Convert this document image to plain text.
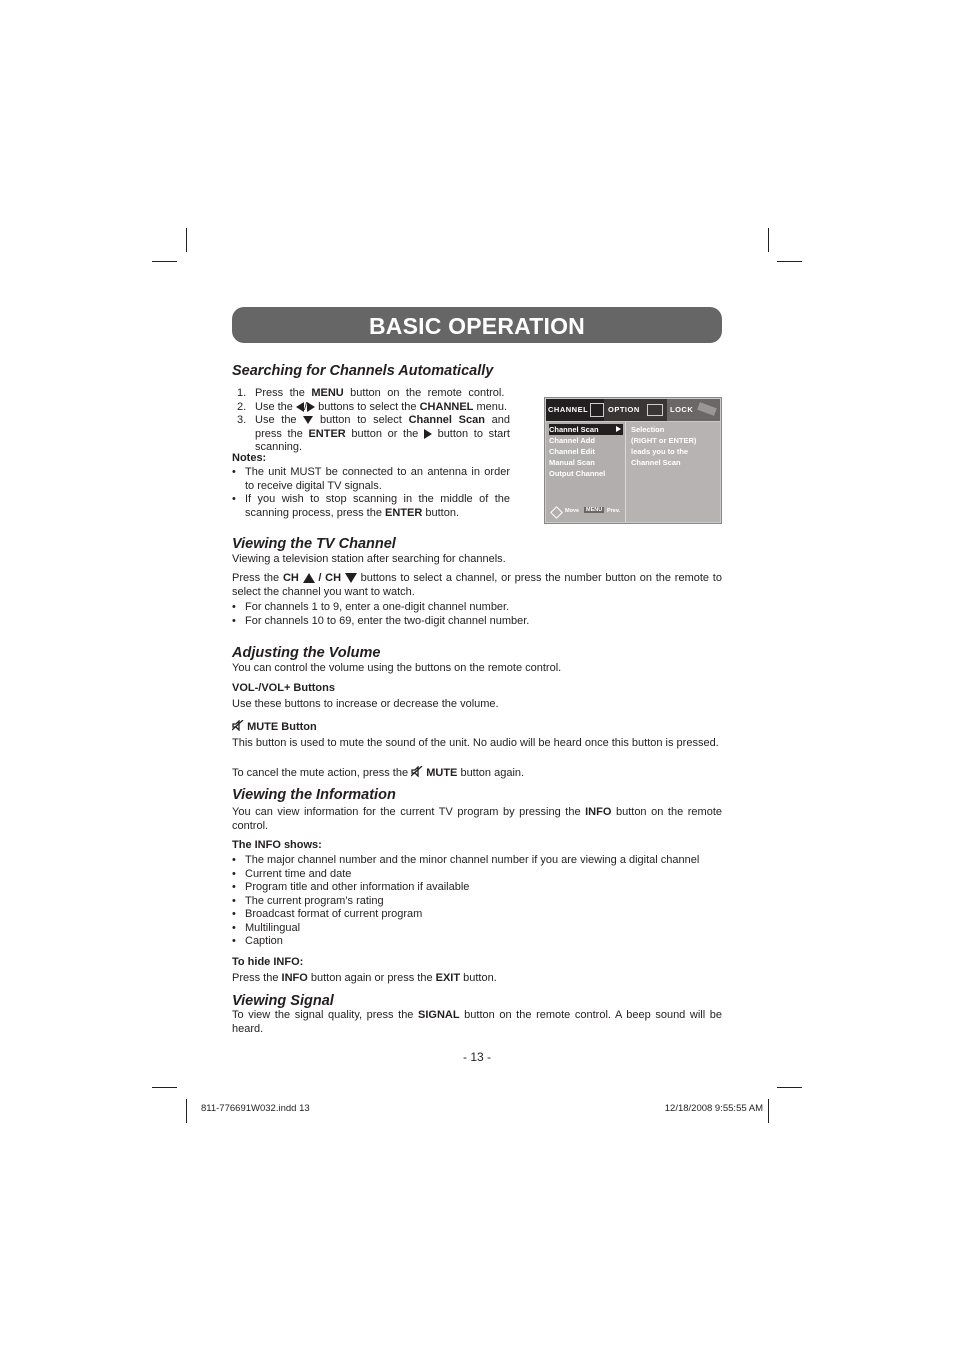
BASIC OPERATION
Searching for Channels Automatically
1. Press the MENU button on the remote control.
2. Use the / buttons to select the CHANNEL menu.
3. Use the  button to select Channel Scan and press the ENTER button or the  button to start scanning.

Notes:

• The unit MUST be connected to an antenna in order to receive digital TV signals.
• If you wish to stop scanning in the middle of the scanning process, press the ENTER button.
CHANNEL	OPTION	LOCK
Channel Scan
Channel Add
Channel Edit
Manual Scan
Output Channel
Selection
(RIGHT or ENTER)
leads you to the
Channel Scan
Move	MENU Prev.
Viewing the TV Channel

Viewing a television station after searching for channels.

Press the CH  / CH  buttons to select a channel, or press the number button on the remote to select the channel you want to watch.

• For channels 1 to 9, enter a one-digit channel number.
• For channels 10 to 69, enter the two-digit channel number.
Adjusting the Volume

You can control the volume using the buttons on the remote control.

VOL-/VOL+ Buttons

Use these buttons to increase or decrease the volume.

MUTE Button

This button is used to mute the sound of the unit. No audio will be heard once this button is pressed.

To cancel the mute action, press the  MUTE button again.

Viewing the Information

You can view information for the current TV program by pressing the INFO button on the remote control.

The INFO shows:

• The major channel number and the minor channel number if you are viewing a digital channel
• Current time and date
• Program title and other information if available
• The current program’s rating
• Broadcast format of current program
• Multilingual
• Caption

To hide INFO:

Press the INFO button again or press the EXIT button.

Viewing Signal

To view the signal quality, press the SIGNAL button on the remote control. A beep sound will be heard.

- 13 -

811-776691W032.indd 13	12/18/2008 9:55:55 AM
